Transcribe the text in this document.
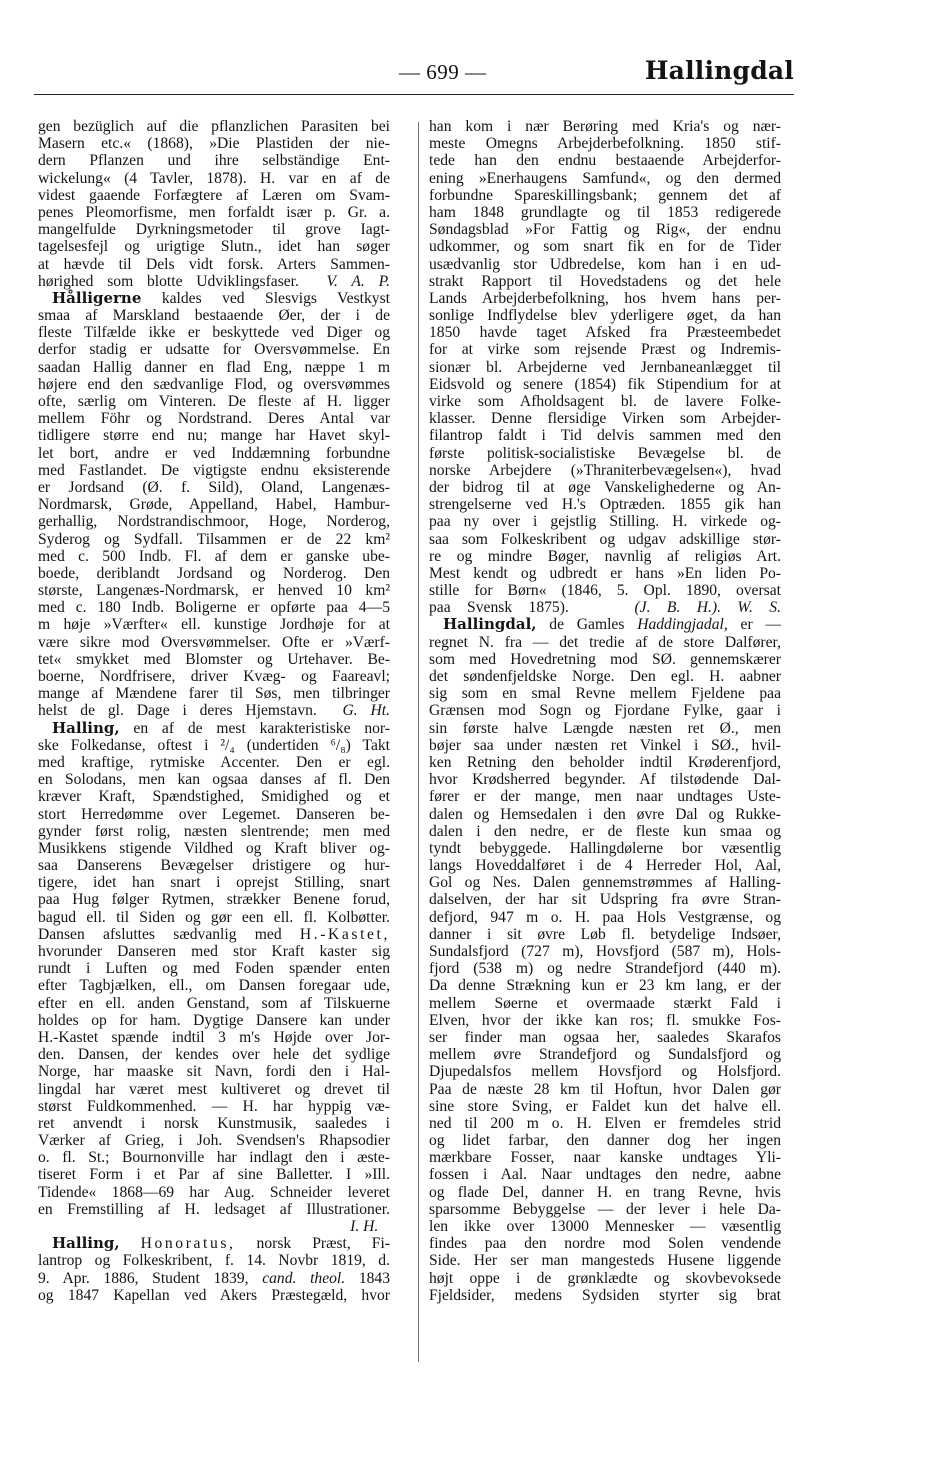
— 699 —	Hallingdal
gen bezüglich auf die pflanzlichen Parasiten bei
Masern etc.« (1868), »Die Plastiden der nie-
dern Pflanzen und ihre selbständige Ent-
wickelung« (4 Tavler, 1878). H. var en af de
videst gaaende Forfægtere af Læren om Svam-
penes Pleomorfisme, men forfaldt især p. Gr. a.
mangelfulde Dyrkningsmetoder til grove Iagt-
tagelsesfejl og urigtige Slutn., idet han søger
at hævde til Dels vidt forsk. Arters Sammen-
hørighed som blotte Udviklingsfaser. V. A. P.
Hålligerne kaldes ved Slesvigs Vestkyst
smaa af Marskland bestaaende Øer, der i de
fleste Tilfælde ikke er beskyttede ved Diger og
derfor stadig er udsatte for Oversvømmelse. En
saadan Hallig danner en flad Eng, næppe 1 m
højere end den sædvanlige Flod, og oversvømmes
ofte, særlig om Vinteren. De fleste af H. ligger
mellem Föhr og Nordstrand. Deres Antal var
tidligere større end nu; mange har Havet skyl-
let bort, andre er ved Inddæmning forbundne
med Fastlandet. De vigtigste endnu eksisterende
er Jordsand (Ø. f. Sild), Oland, Langenæs-
Nordmarsk, Grøde, Appelland, Habel, Hambur-
gerhallig, Nordstrandischmoor, Hoge, Norderog,
Syderog og Sydfall. Tilsammen er de 22 km²
med c. 500 Indb. Fl. af dem er ganske ube-
boede, deriblandt Jordsand og Norderog. Den
største, Langenæs-Nordmarsk, er henved 10 km²
med c. 180 Indb. Boligerne er opførte paa 4—5
m høje »Værfter« ell. kunstige Jordhøje for at
være sikre mod Oversvømmelser. Ofte er »Værf-
tet« smykket med Blomster og Urtehaver. Be-
boerne, Nordfrisere, driver Kvæg- og Faareavl;
mange af Mændene farer til Søs, men tilbringer
helst de gl. Dage i deres Hjemstavn. G. Ht.
Halling, en af de mest karakteristiske nor-
ske Folkedanse, oftest i ²/₄ (undertiden ⁶/₈) Takt
med kraftige, rytmiske Accenter. Den er egl.
en Solodans, men kan ogsaa danses af fl. Den
kræver Kraft, Spændstighed, Smidighed og et
stort Herredømme over Legemet. Danseren be-
gynder først rolig, næsten slentrende; men med
Musikkens stigende Vildhed og Kraft bliver og-
saa Danserens Bevægelser dristigere og hur-
tigere, idet han snart i oprejst Stilling, snart
paa Hug følger Rytmen, strækker Benene forud,
bagud ell. til Siden og gør een ell. fl. Kolbøtter.
Dansen afsluttes sædvanlig med H.-Kastet,
hvorunder Danseren med stor Kraft kaster sig
rundt i Luften og med Foden spænder enten
efter Tagbjælken, ell., om Dansen foregaar ude,
efter en ell. anden Genstand, som af Tilskuerne
holdes op for ham. Dygtige Dansere kan under
H.-Kastet spænde indtil 3 m's Højde over Jor-
den. Dansen, der kendes over hele det sydlige
Norge, har maaske sit Navn, fordi den i Hal-
lingdal har været mest kultiveret og drevet til
størst Fuldkommenhed. — H. har hyppig væ-
ret anvendt i norsk Kunstmusik, saaledes i
Værker af Grieg, i Joh. Svendsen's Rhapsodier
o. fl. St.; Bournonville har indlagt den i æste-
tiseret Form i et Par af sine Balletter. I »Ill.
Tidende« 1868—69 har Aug. Schneider leveret
en Fremstilling af H. ledsaget af Illustrationer.
I. H.
Halling, Honoratus, norsk Præst, Fi-
lantrop og Folkeskribent, f. 14. Novbr 1819, d.
9. Apr. 1886, Student 1839, cand. theol. 1843
og 1847 Kapellan ved Akers Præstegæld, hvor
han kom i nær Berøring med Kria's og nær-
meste Omegns Arbejderbefolkning. 1850 stif-
tede han den endnu bestaaende Arbejderfor-
ening »Enerhaugens Samfund«, og den dermed
forbundne Spareskillingsbank; gennem det af
ham 1848 grundlagte og til 1853 redigerede
Søndagsblad »For Fattig og Rig«, der endnu
udkommer, og som snart fik en for de Tider
usædvanlig stor Udbredelse, kom han i en ud-
strakt Rapport til Hovedstadens og det hele
Lands Arbejderbefolkning, hos hvem hans per-
sonlige Indflydelse blev yderligere øget, da han
1850 havde taget Afsked fra Præsteembedet
for at virke som rejsende Præst og Indremis-
sionær bl. Arbejderne ved Jernbaneanlægget til
Eidsvold og senere (1854) fik Stipendium for at
virke som Afholdsagent bl. de lavere Folke-
klasser. Denne flersidige Virken som Arbejder-
filantrop faldt i Tid delvis sammen med den
første politisk-socialistiske Bevægelse bl. de
norske Arbejdere (»Thraniterbevægelsen«), hvad
der bidrog til at øge Vanskelighederne og An-
strengelserne ved H.'s Optræden. 1855 gik han
paa ny over i gejstlig Stilling. H. virkede og-
saa som Folkeskribent og udgav adskillige stør-
re og mindre Bøger, navnlig af religiøs Art.
Mest kendt og udbredt er hans »En liden Po-
stille for Børn« (1846, 5. Opl. 1890, oversat
paa Svensk 1875).	(J. B. H.). W. S.
Hallingdal, de Gamles Haddingjadal, er —
regnet N. fra — det tredie af de store Dalfører,
som med Hovedretning mod SØ. gennemskærer
det søndenfjeldske Norge. Den egl. H. aabner
sig som en smal Revne mellem Fjeldene paa
Grænsen mod Sogn og Fjordane Fylke, gaar i
sin første halve Længde næsten ret Ø., men
bøjer saa under næsten ret Vinkel i SØ., hvil-
ken Retning den beholder indtil Krøderenfjord,
hvor Krødsherred begynder. Af tilstødende Dal-
fører er der mange, men naar undtages Uste-
dalen og Hemsedalen i den øvre Dal og Rukke-
dalen i den nedre, er de fleste kun smaa og
tyndt bebyggede. Hallingdølerne bor væsentlig
langs Hoveddalføret i de 4 Herreder Hol, Aal,
Gol og Nes. Dalen gennemstrømmes af Halling-
dalselven, der har sit Udspring fra øvre Stran-
defjord, 947 m o. H. paa Hols Vestgrænse, og
danner i sit øvre Løb fl. betydelige Indsøer,
Sundalsfjord (727 m), Hovsfjord (587 m), Hols-
fjord (538 m) og nedre Strandefjord (440 m).
Da denne Strækning kun er 23 km lang, er der
mellem Søerne et overmaade stærkt Fald i
Elven, hvor der ikke kan ros; fl. smukke Fos-
ser finder man ogsaa her, saaledes Skarafos
mellem øvre Strandefjord og Sundalsfjord og
Djupedalsfos mellem Hovsfjord og Holsfjord.
Paa de næste 28 km til Hoftun, hvor Dalen gør
sine store Sving, er Faldet kun det halve ell.
ned til 200 m o. H. Elven er fremdeles strid
og lidet farbar, den danner dog her ingen
mærkbare Fosser, naar kanske undtages Yli-
fossen i Aal. Naar undtages den nedre, aabne
og flade Del, danner H. en trang Revne, hvis
sparsomme Bebyggelse — der lever i hele Da-
len ikke over 13000 Mennesker — væsentlig
findes paa den nordre mod Solen vendende
Side. Her ser man mangesteds Husene liggende
højt oppe i de grønklædte og skovbevoksede
Fjeldsider, medens Sydsiden styrter sig brat
